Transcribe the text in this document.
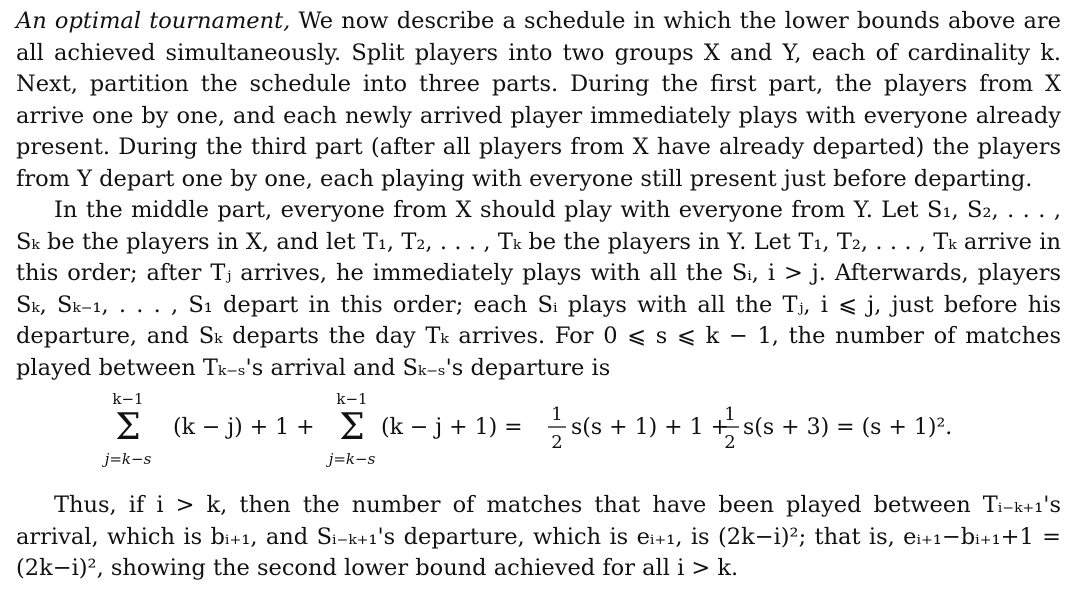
An optimal tournament, We now describe a schedule in which the lower bounds above are all achieved simultaneously. Split players into two groups X and Y, each of cardinality k. Next, partition the schedule into three parts. During the first part, the players from X arrive one by one, and each newly arrived player immediately plays with everyone already present. During the third part (after all players from X have already departed) the players from Y depart one by one, each playing with everyone still present just before departing.

In the middle part, everyone from X should play with everyone from Y. Let S₁, S₂, . . . , Sₖ be the players in X, and let T₁, T₂, . . . , Tₖ be the players in Y. Let T₁, T₂, . . . , Tₖ arrive in this order; after Tⱼ arrives, he immediately plays with all the Sᵢ, i > j. Afterwards, players Sₖ, Sₖ₋₁, . . . , S₁ depart in this order; each Sᵢ plays with all the Tⱼ, i ⩽ j, just before his departure, and Sₖ departs the day Tₖ arrives. For 0 ⩽ s ⩽ k − 1, the number of matches played between Tₖ₋ₛ's arrival and Sₖ₋ₛ's departure is

k−1
Σ
j=k−s
(k − j) + 1 +
k−1
Σ
j=k−s
(k − j + 1) =
1
2
s(s + 1) + 1 +
1
2
s(s + 3) = (s + 1)².

Thus, if i > k, then the number of matches that have been played between Tᵢ₋ₖ₊₁'s arrival, which is bᵢ₊₁, and Sᵢ₋ₖ₊₁'s departure, which is eᵢ₊₁, is (2k−i)²; that is, eᵢ₊₁−bᵢ₊₁+1 = (2k−i)², showing the second lower bound achieved for all i > k.
